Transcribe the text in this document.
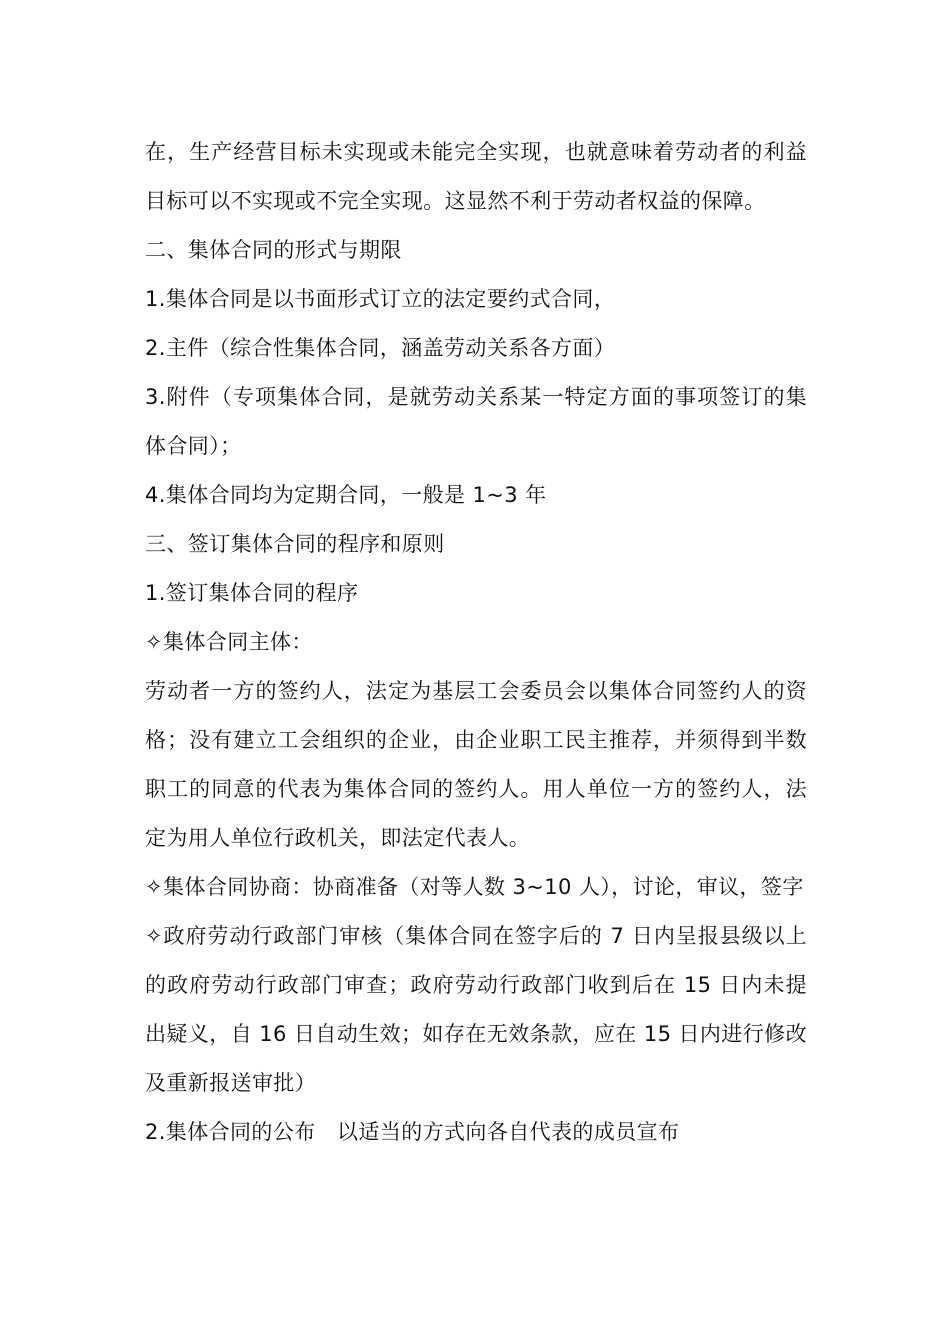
在，生产经营目标未实现或未能完全实现，也就意味着劳动者的利益目标可以不实现或不完全实现。这显然不利于劳动者权益的保障。

二、集体合同的形式与期限

1.集体合同是以书面形式订立的法定要约式合同，

2.主件（综合性集体合同，涵盖劳动关系各方面）

3.附件（专项集体合同，是就劳动关系某一特定方面的事项签订的集体合同）；

4.集体合同均为定期合同，一般是 1~3 年

三、签订集体合同的程序和原则

1.签订集体合同的程序

✧集体合同主体：

劳动者一方的签约人，法定为基层工会委员会以集体合同签约人的资格；没有建立工会组织的企业，由企业职工民主推荐，并须得到半数职工的同意的代表为集体合同的签约人。用人单位一方的签约人，法定为用人单位行政机关，即法定代表人。

✧集体合同协商：协商准备（对等人数 3~10 人），讨论，审议，签字

✧政府劳动行政部门审核（集体合同在签字后的 7 日内呈报县级以上的政府劳动行政部门审查；政府劳动行政部门收到后在 15 日内未提出疑义，自 16 日自动生效；如存在无效条款，应在 15 日内进行修改及重新报送审批）

2.集体合同的公布　以适当的方式向各自代表的成员宣布
